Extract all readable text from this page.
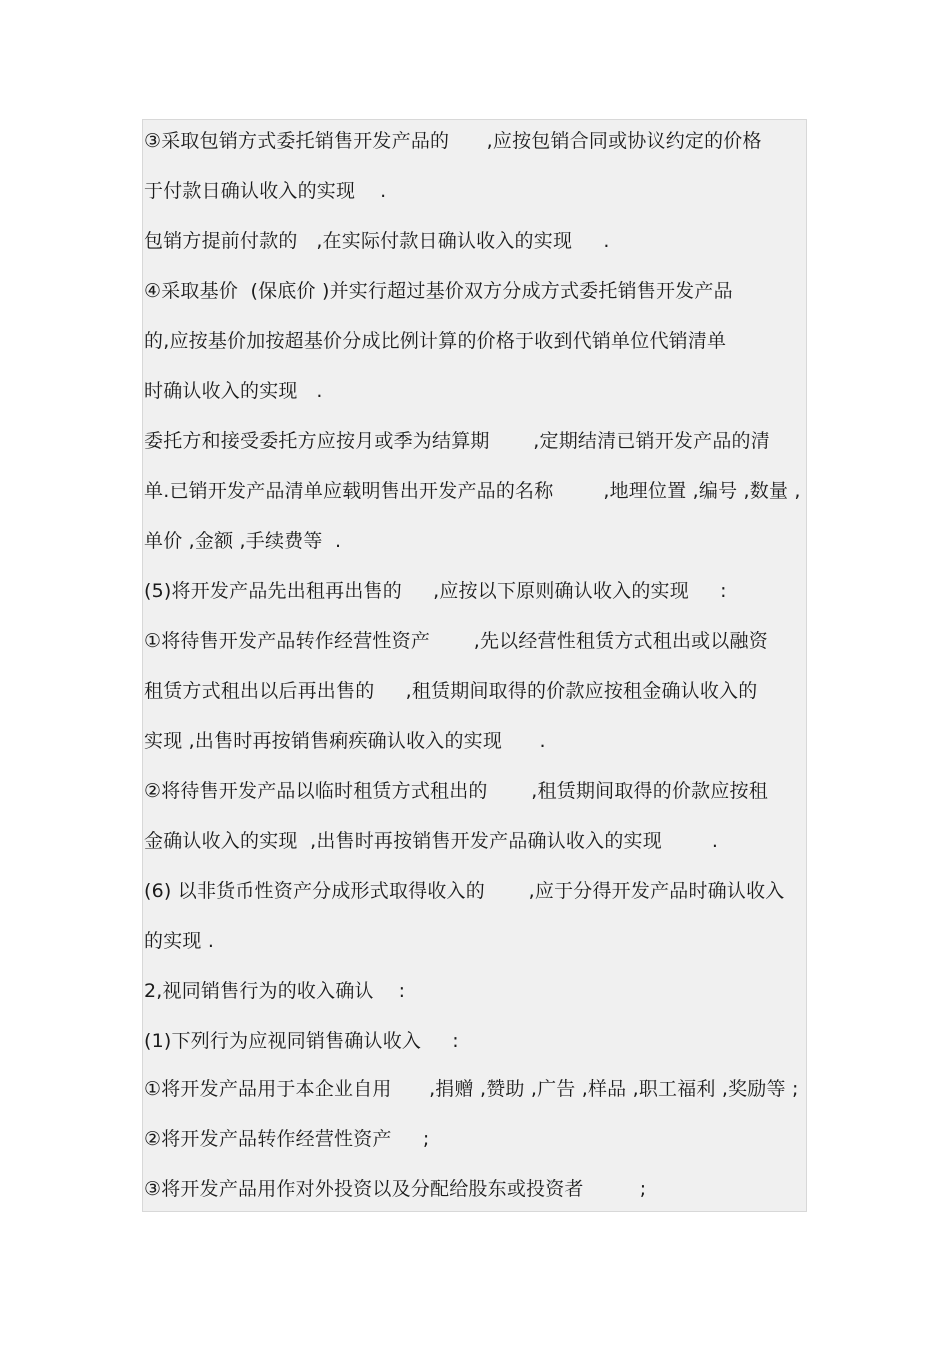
③采取包销方式委托销售开发产品的      ,应按包销合同或协议约定的价格
于付款日确认收入的实现    .
包销方提前付款的   ,在实际付款日确认收入的实现     .
④采取基价  (保底价 )并实行超过基价双方分成方式委托销售开发产品
的,应按基价加按超基价分成比例计算的价格于收到代销单位代销清单
时确认收入的实现   .
委托方和接受委托方应按月或季为结算期       ,定期结清已销开发产品的清
单.已销开发产品清单应载明售出开发产品的名称        ,地理位置 ,编号 ,数量 ,
单价 ,金额 ,手续费等  .
(5)将开发产品先出租再出售的     ,应按以下原则确认收入的实现     :
①将待售开发产品转作经营性资产       ,先以经营性租赁方式租出或以融资
租赁方式租出以后再出售的     ,租赁期间取得的价款应按租金确认收入的
实现 ,出售时再按销售痢疾确认收入的实现      .
②将待售开发产品以临时租赁方式租出的       ,租赁期间取得的价款应按租
金确认收入的实现  ,出售时再按销售开发产品确认收入的实现        .
(6) 以非货币性资产分成形式取得收入的       ,应于分得开发产品时确认收入
的实现 .
2,视同销售行为的收入确认    :
(1)下列行为应视同销售确认收入     :
①将开发产品用于本企业自用      ,捐赠 ,赞助 ,广告 ,样品 ,职工福利 ,奖励等 ;
②将开发产品转作经营性资产     ;
③将开发产品用作对外投资以及分配给股东或投资者         ;
